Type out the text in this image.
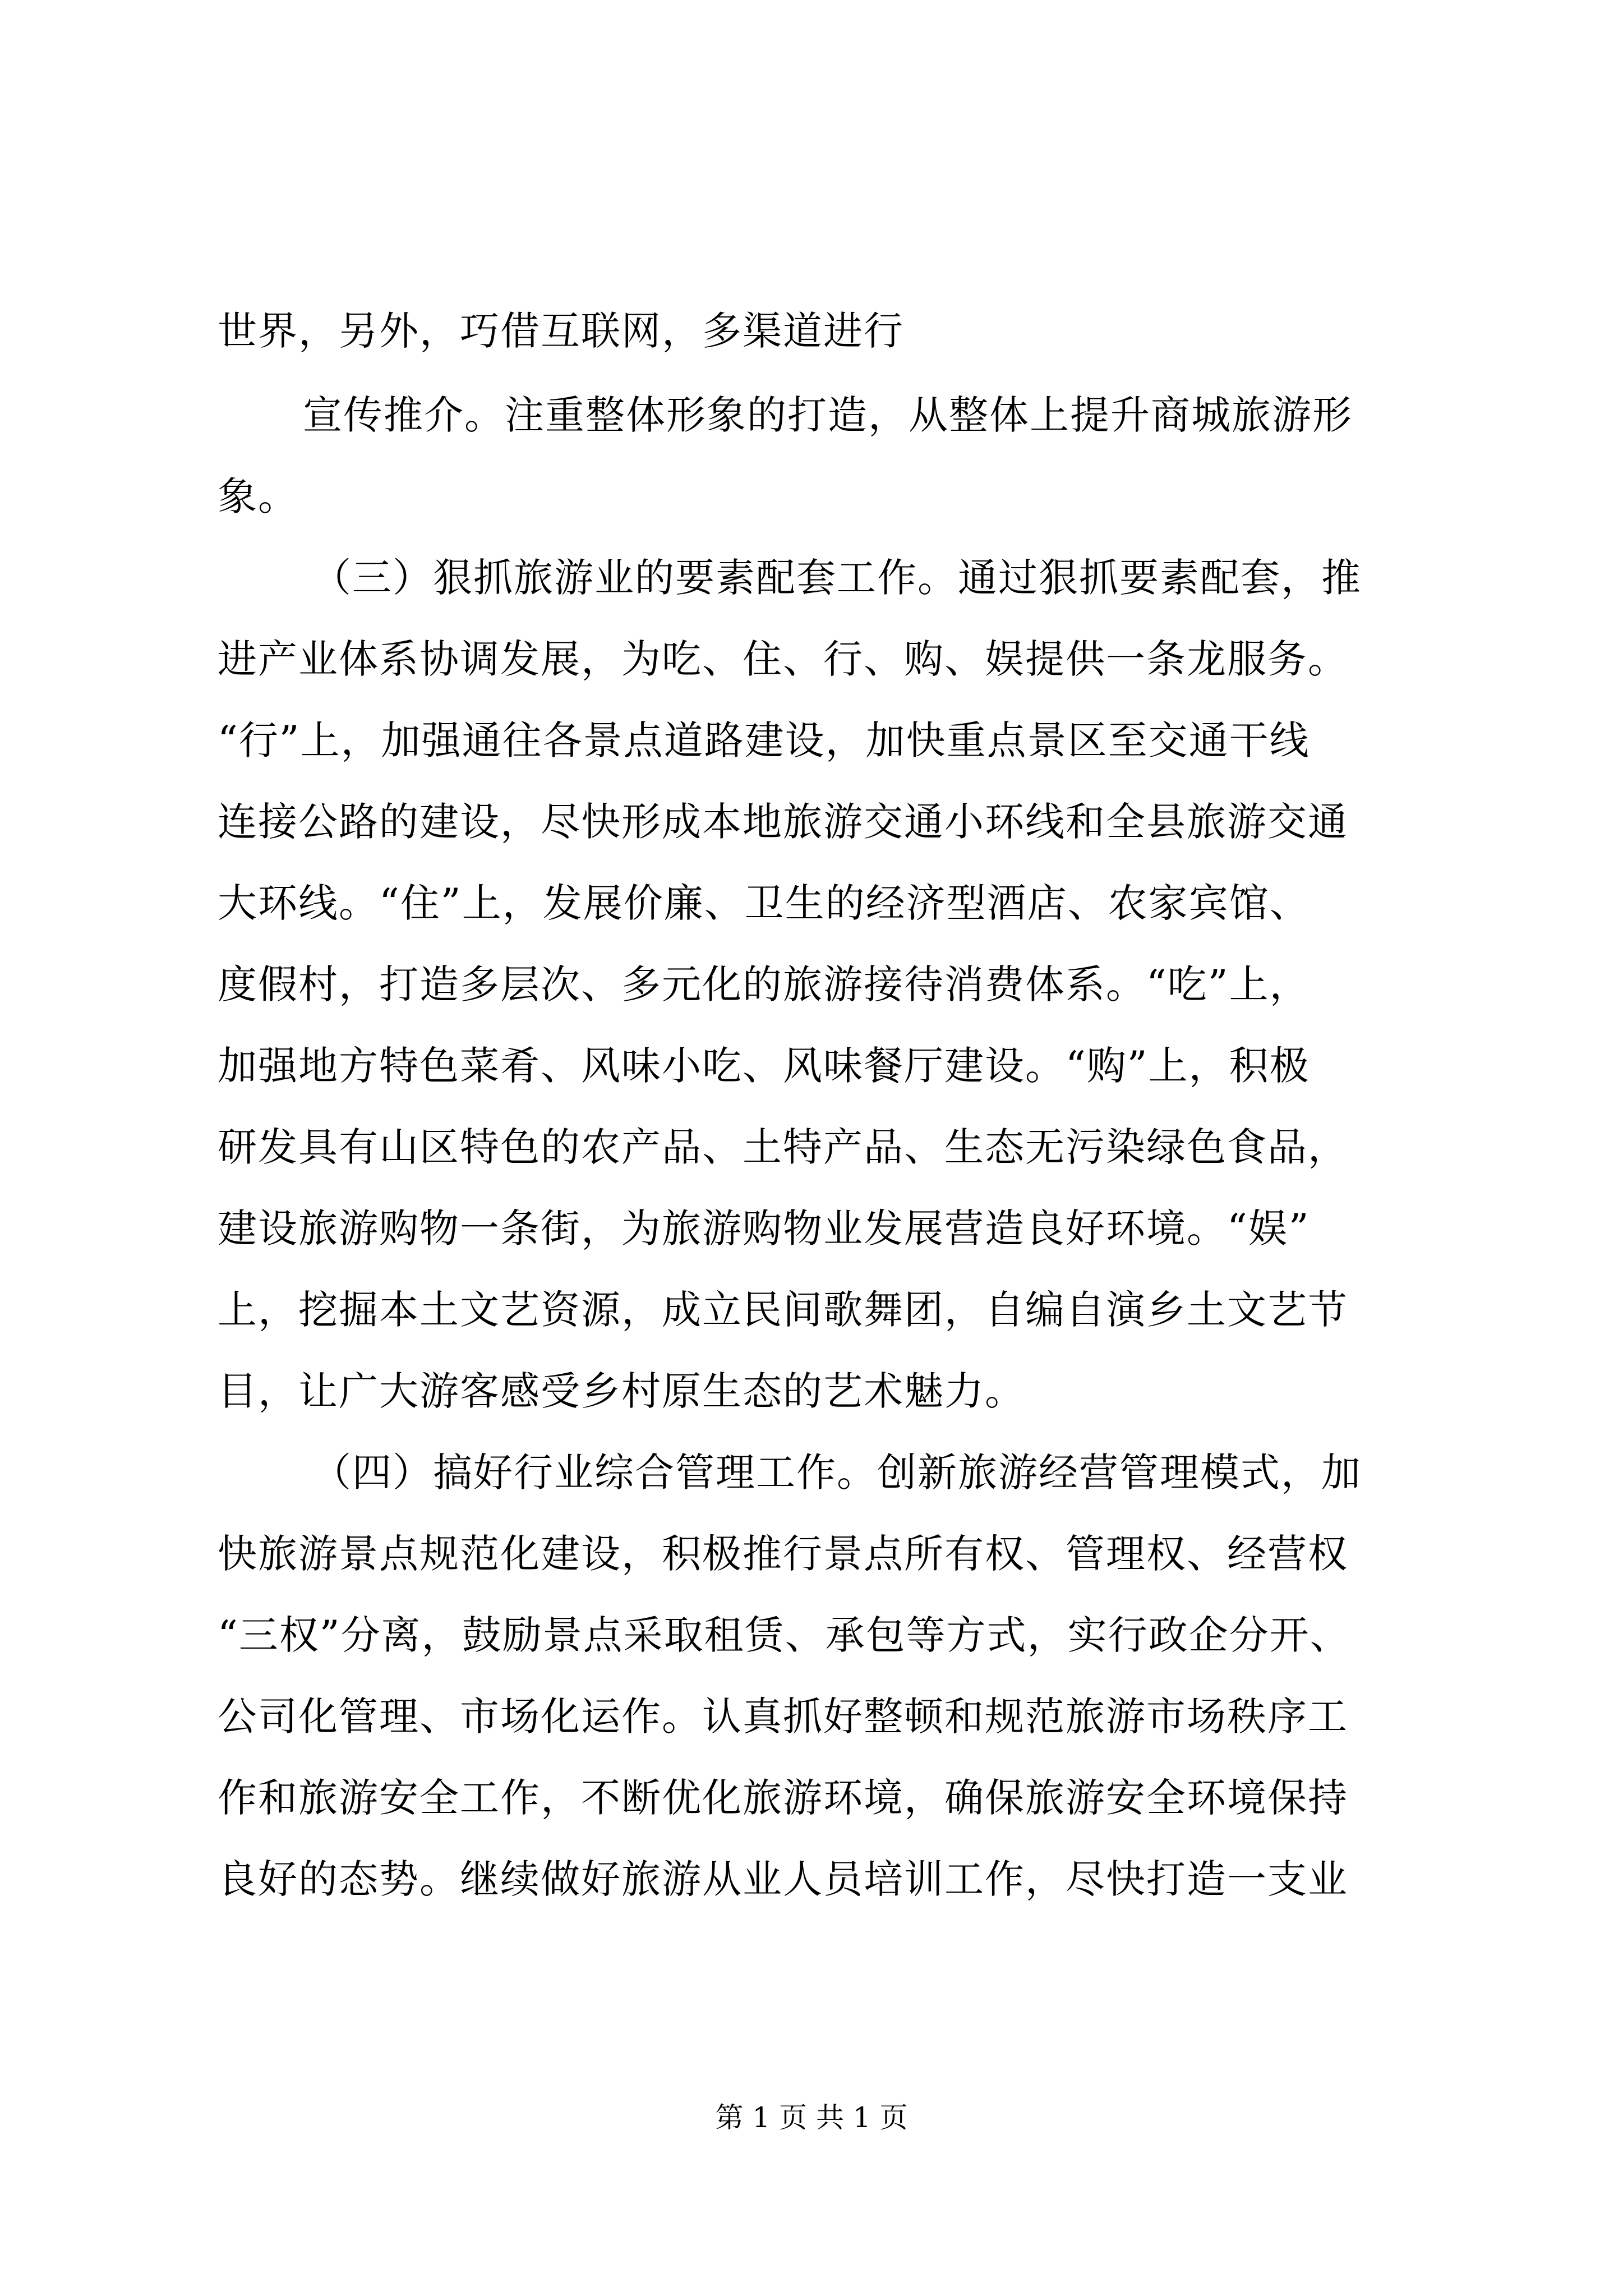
世界，另外，巧借互联网，多渠道进行
宣传推介。注重整体形象的打造，从整体上提升商城旅游形
象。
（三）狠抓旅游业的要素配套工作。通过狠抓要素配套，推
进产业体系协调发展，为吃、住、行、购、娱提供一条龙服务。
“行”上，加强通往各景点道路建设，加快重点景区至交通干线
连接公路的建设，尽快形成本地旅游交通小环线和全县旅游交通
大环线。“住”上，发展价廉、卫生的经济型酒店、农家宾馆、
度假村，打造多层次、多元化的旅游接待消费体系。“吃”上，
加强地方特色菜肴、风味小吃、风味餐厅建设。“购”上，积极
研发具有山区特色的农产品、土特产品、生态无污染绿色食品，
建设旅游购物一条街，为旅游购物业发展营造良好环境。“娱”
上，挖掘本土文艺资源，成立民间歌舞团，自编自演乡土文艺节
目，让广大游客感受乡村原生态的艺术魅力。
（四）搞好行业综合管理工作。创新旅游经营管理模式，加
快旅游景点规范化建设，积极推行景点所有权、管理权、经营权
“三权”分离，鼓励景点采取租赁、承包等方式，实行政企分开、
公司化管理、市场化运作。认真抓好整顿和规范旅游市场秩序工
作和旅游安全工作，不断优化旅游环境，确保旅游安全环境保持
良好的态势。继续做好旅游从业人员培训工作，尽快打造一支业
第 1 页 共 1 页
